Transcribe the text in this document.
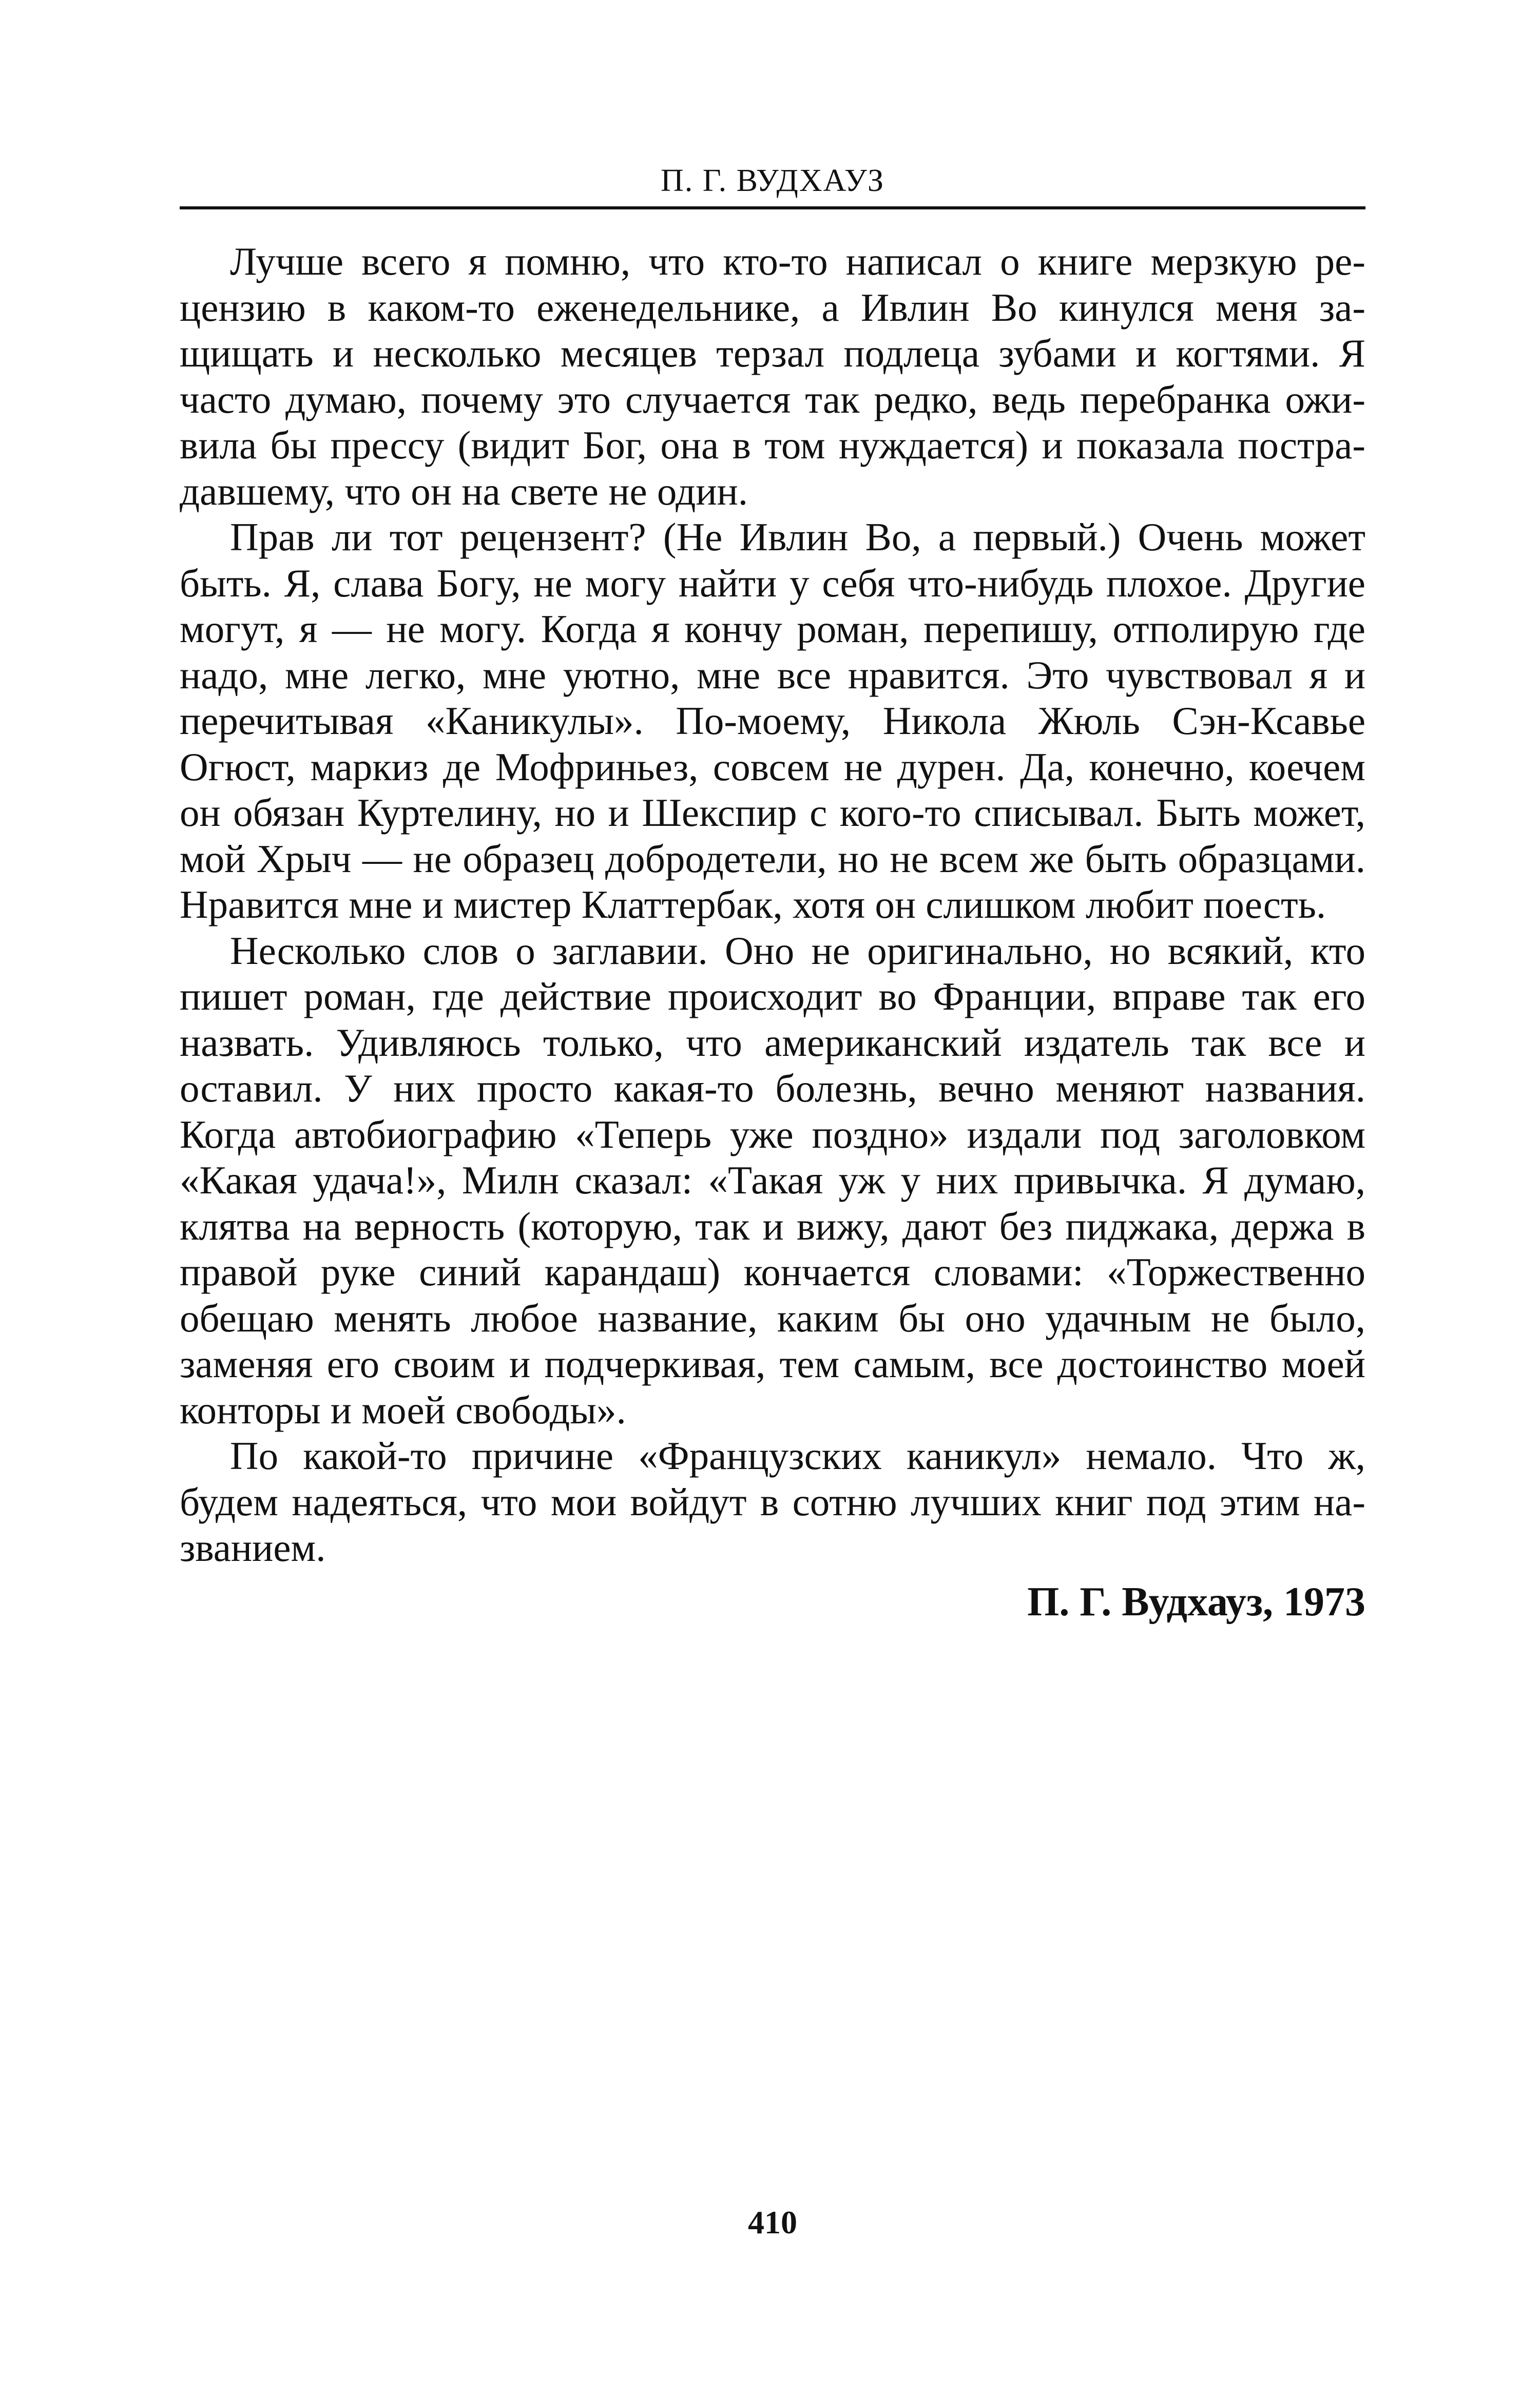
П. Г. ВУДХАУЗ

Лучше всего я помню, что кто-то написал о книге мерзкую рецензию в каком-то еженедельнике, а Ивлин Во кинулся меня защищать и несколько месяцев терзал подлеца зубами и когтями. Я часто думаю, почему это случается так редко, ведь перебранка оживила бы прессу (видит Бог, она в том нуждается) и показала пострадавшему, что он на свете не один.

Прав ли тот рецензент? (Не Ивлин Во, а первый.) Очень может быть. Я, слава Богу, не могу найти у себя что-нибудь плохое. Другие могут, я — не могу. Когда я кончу роман, перепишу, отполирую где надо, мне легко, мне уютно, мне все нравится. Это чувствовал я и перечитывая «Каникулы». По-моему, Никола Жюль Сэн-Ксавье Огюст, маркиз де Мофриньез, совсем не дурен. Да, конечно, коечем он обязан Куртелину, но и Шекспир с кого-то списывал. Быть может, мой Хрыч — не образец добродетели, но не всем же быть образцами. Нравится мне и мистер Клаттербак, хотя он слишком любит поесть.

Несколько слов о заглавии. Оно не оригинально, но всякий, кто пишет роман, где действие происходит во Франции, вправе так его назвать. Удивляюсь только, что американский издатель так все и оставил. У них просто какая-то болезнь, вечно меняют названия. Когда автобиографию «Теперь уже поздно» издали под заголовком «Какая удача!», Милн сказал: «Такая уж у них привычка. Я думаю, клятва на верность (которую, так и вижу, дают без пиджака, держа в правой руке синий карандаш) кончается словами: «Торжественно обещаю менять любое название, каким бы оно удачным не было, заменяя его своим и подчеркивая, тем самым, все достоинство моей конторы и моей свободы».

По какой-то причине «Французских каникул» немало. Что ж, будем надеяться, что мои войдут в сотню лучших книг под этим названием.

П. Г. Вудхауз, 1973

410
